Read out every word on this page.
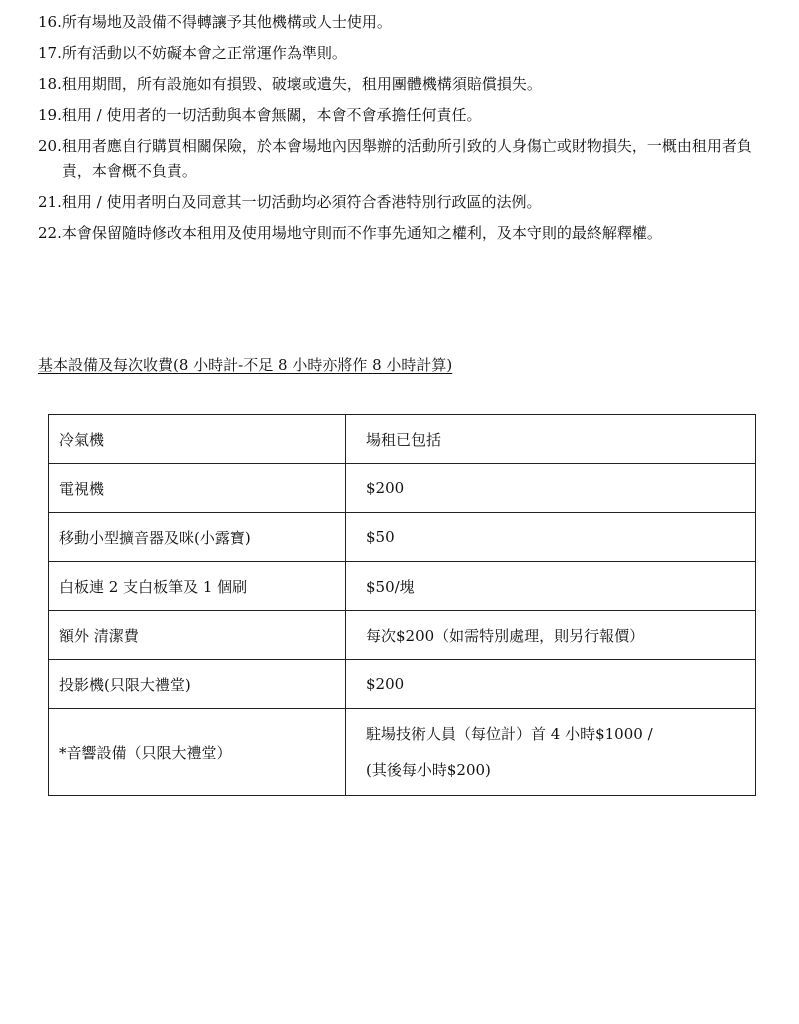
16. 所有場地及設備不得轉讓予其他機構或人士使用。
17. 所有活動以不妨礙本會之正常運作為準則。
18. 租用期間，所有設施如有損毀、破壞或遺失，租用團體機構須賠償損失。
19. 租用 / 使用者的一切活動與本會無關，本會不會承擔任何責任。
20. 租用者應自行購買相關保險，於本會場地內因舉辦的活動所引致的人身傷亡或財物損失，一概由租用者負責，本會概不負責。
21. 租用 / 使用者明白及同意其一切活動均必須符合香港特別行政區的法例。
22. 本會保留隨時修改本租用及使用場地守則而不作事先通知之權利，及本守則的最終解釋權。
基本設備及每次收費(8 小時計-不足 8 小時亦將作 8 小時計算)
冷氣機	場租已包括
電視機	$200
移動小型擴音器及咪(小露寶)	$50
白板連 2 支白板筆及 1 個刷	$50/塊
額外 清潔費	每次$200（如需特別處理，則另行報價）
投影機(只限大禮堂)	$200
*音響設備（只限大禮堂）	駐場技術人員（每位計）首 4 小時$1000 /
(其後每小時$200)
